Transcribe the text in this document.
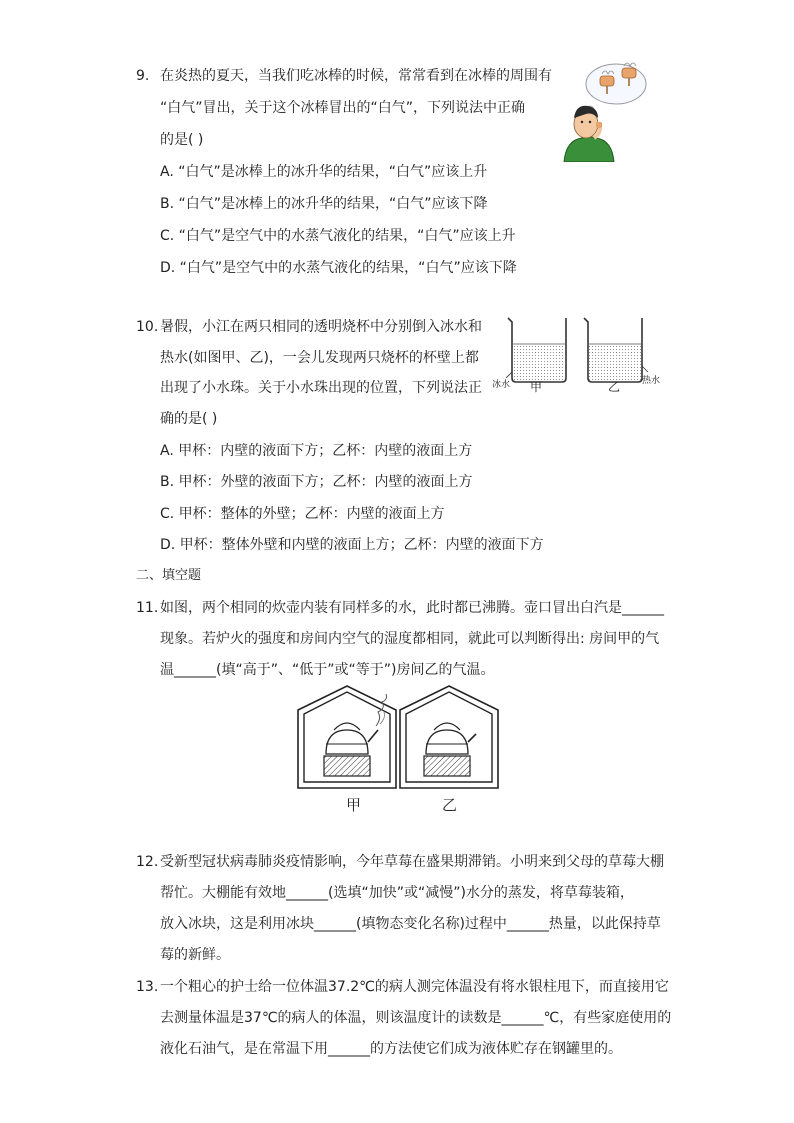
9. 在炎热的夏天，当我们吃冰棒的时候，常常看到在冰棒的周围有
“白气”冒出，关于这个冰棒冒出的“白气”，下列说法中正确
的是( )
A. “白气”是冰棒上的冰升华的结果，“白气”应该上升
B. “白气”是冰棒上的冰升华的结果，“白气”应该下降
C. “白气”是空气中的水蒸气液化的结果，“白气”应该上升
D. “白气”是空气中的水蒸气液化的结果，“白气”应该下降
10. 暑假，小江在两只相同的透明烧杯中分别倒入冰水和
热水(如图甲、乙)，一会儿发现两只烧杯的杯壁上都
出现了小水珠。关于小水珠出现的位置，下列说法正
确的是( )
冰水 甲	乙 热水
A. 甲杯：内壁的液面下方；乙杯：内壁的液面上方
B. 甲杯：外壁的液面下方；乙杯：内壁的液面上方
C. 甲杯：整体的外壁；乙杯：内壁的液面上方
D. 甲杯：整体外壁和内壁的液面上方；乙杯：内壁的液面下方
二、填空题
11. 如图，两个相同的炊壶内装有同样多的水，此时都已沸腾。壶口冒出白汽是______
现象。若炉火的强度和房间内空气的湿度都相同，就此可以判断得出: 房间甲的气
温______(填“高于”、“低于”或“等于”)房间乙的气温。
甲	乙
12. 受新型冠状病毒肺炎疫情影响，今年草莓在盛果期滞销。小明来到父母的草莓大棚
帮忙。大棚能有效地______(选填“加快”或“减慢”)水分的蒸发，将草莓装箱，
放入冰块，这是利用冰块______(填物态变化名称)过程中______热量，以此保持草
莓的新鲜。
13. 一个粗心的护士给一位体温37.2℃的病人测完体温没有将水银柱甩下，而直接用它
去测量体温是37℃的病人的体温，则该温度计的读数是______℃，有些家庭使用的
液化石油气，是在常温下用______的方法使它们成为液体贮存在钢罐里的。
